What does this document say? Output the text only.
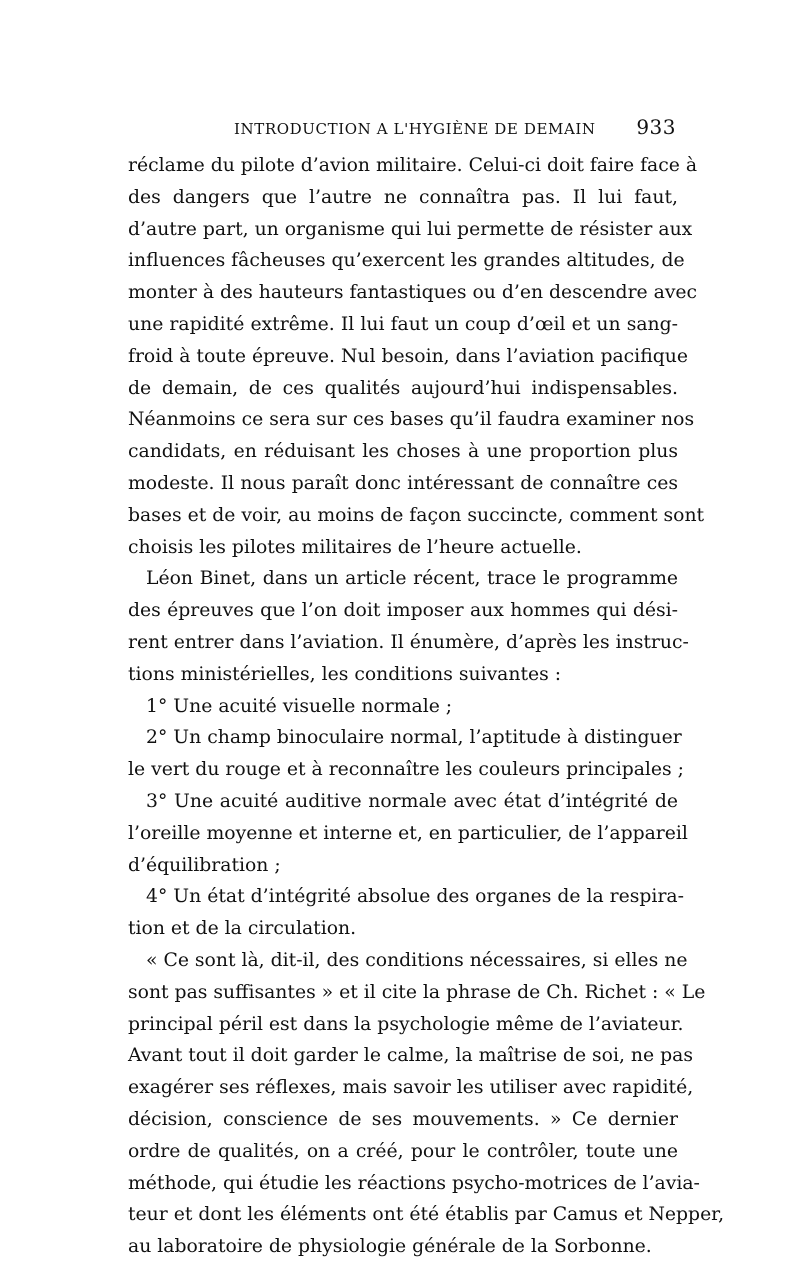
INTRODUCTION A L'HYGIÈNE DE DEMAIN 933
réclame du pilote d’avion militaire. Celui-ci doit faire face à
des dangers que l’autre ne connaîtra pas. Il lui faut,
d’autre part, un organisme qui lui permette de résister aux
influences fâcheuses qu’exercent les grandes altitudes, de
monter à des hauteurs fantastiques ou d’en descendre avec
une rapidité extrême. Il lui faut un coup d’œil et un sang-
froid à toute épreuve. Nul besoin, dans l’aviation pacifique
de demain, de ces qualités aujourd’hui indispensables.
Néanmoins ce sera sur ces bases qu’il faudra examiner nos
candidats, en réduisant les choses à une proportion plus
modeste. Il nous paraît donc intéressant de connaître ces
bases et de voir, au moins de façon succincte, comment sont
choisis les pilotes militaires de l’heure actuelle.
Léon Binet, dans un article récent, trace le programme
des épreuves que l’on doit imposer aux hommes qui dési-
rent entrer dans l’aviation. Il énumère, d’après les instruc-
tions ministérielles, les conditions suivantes :
1° Une acuité visuelle normale ;
2° Un champ binoculaire normal, l’aptitude à distinguer
le vert du rouge et à reconnaître les couleurs principales ;
3° Une acuité auditive normale avec état d’intégrité de
l’oreille moyenne et interne et, en particulier, de l’appareil
d’équilibration ;
4° Un état d’intégrité absolue des organes de la respira-
tion et de la circulation.
« Ce sont là, dit-il, des conditions nécessaires, si elles ne
sont pas suffisantes » et il cite la phrase de Ch. Richet : « Le
principal péril est dans la psychologie même de l’aviateur.
Avant tout il doit garder le calme, la maîtrise de soi, ne pas
exagérer ses réflexes, mais savoir les utiliser avec rapidité,
décision, conscience de ses mouvements. » Ce dernier
ordre de qualités, on a créé, pour le contrôler, toute une
méthode, qui étudie les réactions psycho-motrices de l’avia-
teur et dont les éléments ont été établis par Camus et Nepper,
au laboratoire de physiologie générale de la Sorbonne.
